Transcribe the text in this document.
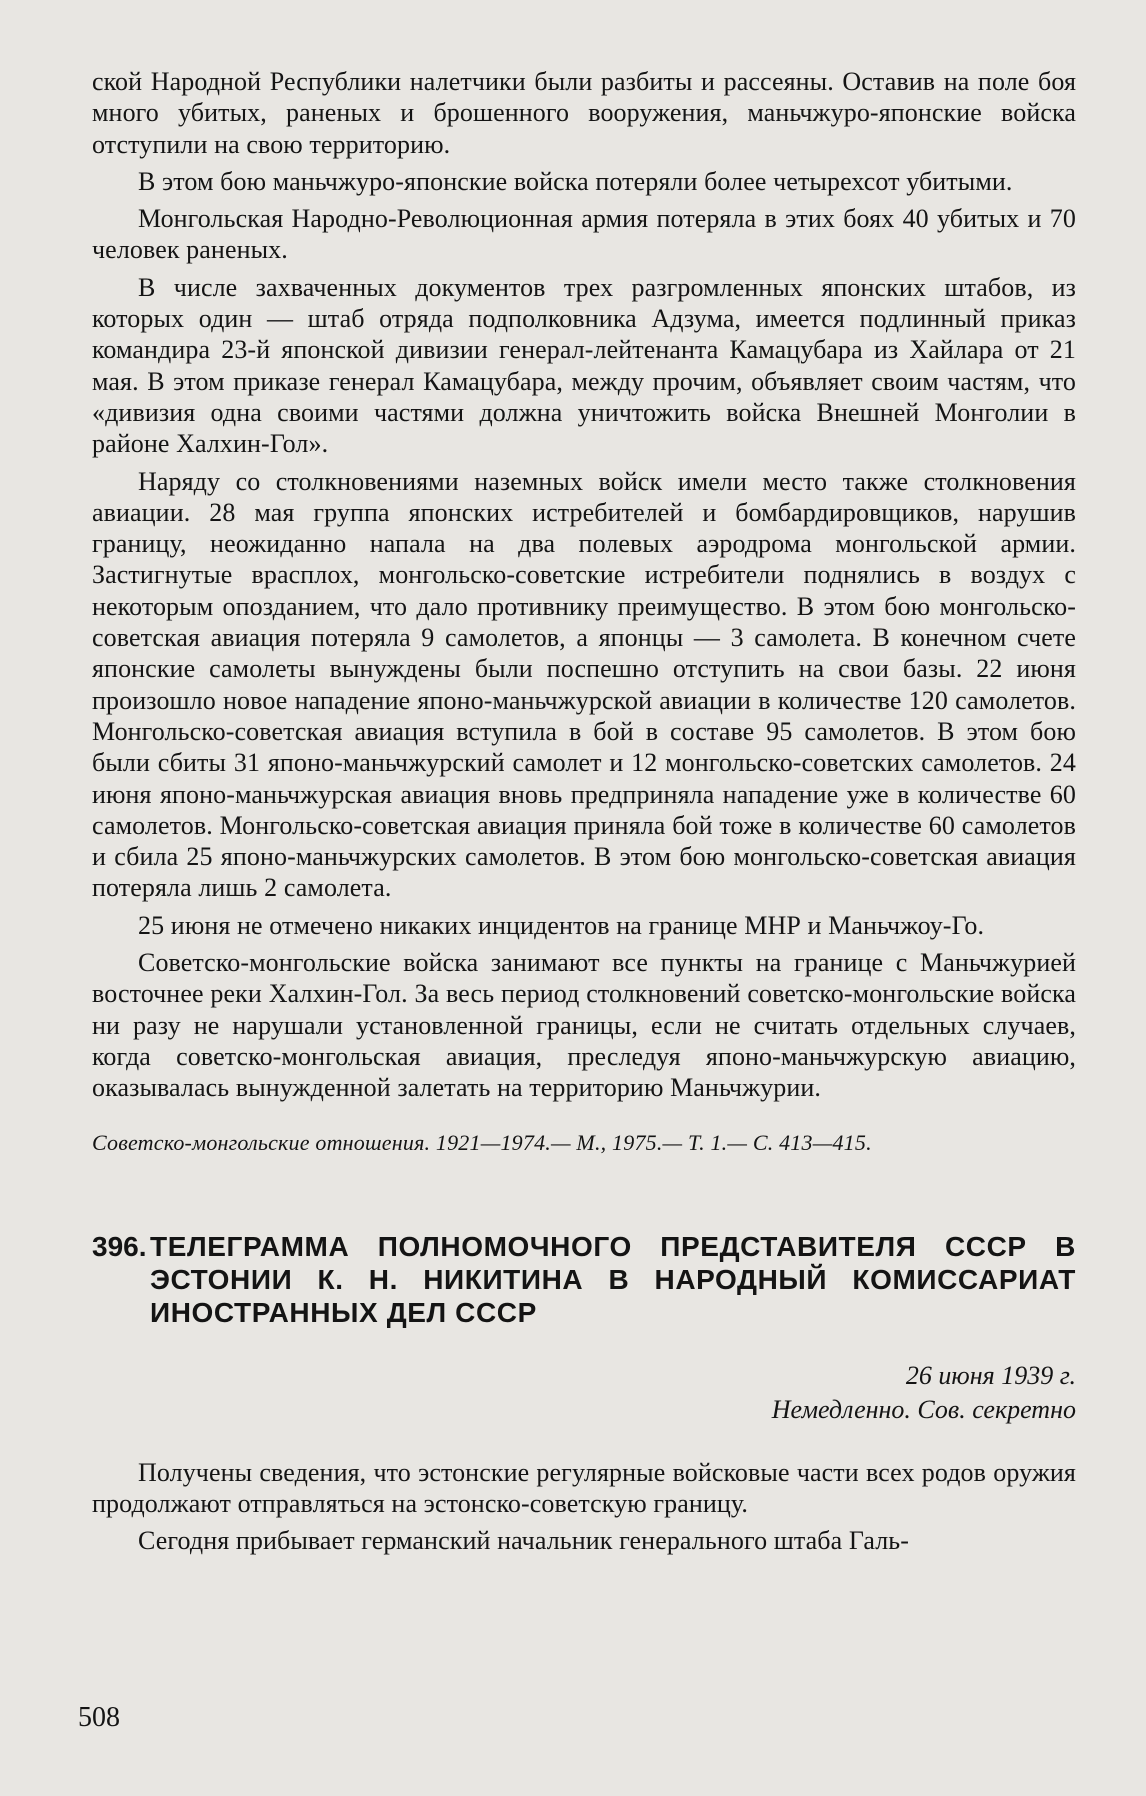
ской Народной Республики налетчики были разбиты и рассеяны. Оставив на поле боя много убитых, раненых и брошенного вооружения, маньчжуро-японские войска отступили на свою территорию.

В этом бою маньчжуро-японские войска потеряли более четырехсот убитыми.

Монгольская Народно-Революционная армия потеряла в этих боях 40 убитых и 70 человек раненых.

В числе захваченных документов трех разгромленных японских штабов, из которых один — штаб отряда подполковника Адзума, имеется подлинный приказ командира 23-й японской дивизии генерал-лейтенанта Камацубара из Хайлара от 21 мая. В этом приказе генерал Камацубара, между прочим, объявляет своим частям, что «дивизия одна своими частями должна уничтожить войска Внешней Монголии в районе Халхин-Гол».

Наряду со столкновениями наземных войск имели место также столкновения авиации. 28 мая группа японских истребителей и бомбардировщиков, нарушив границу, неожиданно напала на два полевых аэродрома монгольской армии. Застигнутые врасплох, монгольско-советские истребители поднялись в воздух с некоторым опозданием, что дало противнику преимущество. В этом бою монгольско-советская авиация потеряла 9 самолетов, а японцы — 3 самолета. В конечном счете японские самолеты вынуждены были поспешно отступить на свои базы. 22 июня произошло новое нападение японо-маньчжурской авиации в количестве 120 самолетов. Монгольско-советская авиация вступила в бой в составе 95 самолетов. В этом бою были сбиты 31 японо-маньчжурский самолет и 12 монгольско-советских самолетов. 24 июня японо-маньчжурская авиация вновь предприняла нападение уже в количестве 60 самолетов. Монгольско-советская авиация приняла бой тоже в количестве 60 самолетов и сбила 25 японо-маньчжурских самолетов. В этом бою монгольско-советская авиация потеряла лишь 2 самолета.

25 июня не отмечено никаких инцидентов на границе МНР и Маньчжоу-Го.

Советско-монгольские войска занимают все пункты на границе с Маньчжурией восточнее реки Халхин-Гол. За весь период столкновений советско-монгольские войска ни разу не нарушали установленной границы, если не считать отдельных случаев, когда советско-монгольская авиация, преследуя японо-маньчжурскую авиацию, оказывалась вынужденной залетать на территорию Маньчжурии.

Советско-монгольские отношения. 1921—1974.— М., 1975.— Т. 1.— С. 413—415.

396. ТЕЛЕГРАММА ПОЛНОМОЧНОГО ПРЕДСТАВИТЕЛЯ СССР В ЭСТОНИИ К. Н. НИКИТИНА В НАРОДНЫЙ КОМИССАРИАТ ИНОСТРАННЫХ ДЕЛ СССР
26 июня 1939 г.
Немедленно. Сов. секретно

Получены сведения, что эстонские регулярные войсковые части всех родов оружия продолжают отправляться на эстонско-советскую границу.

Сегодня прибывает германский начальник генерального штаба Галь-

508
